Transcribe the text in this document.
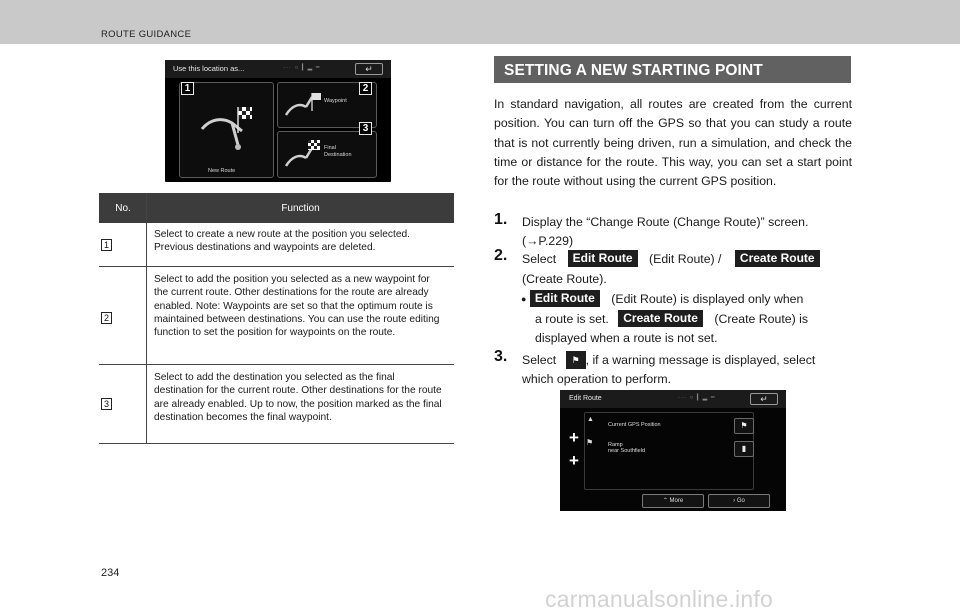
ROUTE GUIDANCE
Use this location as...	··· ○ ▎▂ ━	↵
New Route
Waypoint
Final
Destination
1	2
3
No.	Function
1
Select to create a new route at the position you selected. Previous destinations and waypoints are deleted.
2
Select to add the position you selected as a new waypoint for the current route. Other destinations for the route are already enabled. Note: Waypoints are set so that the optimum route is maintained between destinations. You can use the route editing function to set the position for waypoints on the route.
3
Select to add the destination you selected as the final destination for the current route. Other destinations for the route are already enabled. Up to now, the position marked as the final destination becomes the final waypoint.
SETTING A NEW STARTING POINT
In standard navigation, all routes are created from the current position. You can turn off the GPS so that you can study a route that is not currently being driven, run a simulation, and check the time or distance for the route. This way, you can set a start point for the route without using the current GPS position.
1. Display the “Change Route (Change Route)” screen.
(→P.229)
2. Select Edit Route (Edit Route) / Create Route
(Create Route).
● Edit Route (Edit Route) is displayed only when
a route is set. Create Route (Create Route) is
displayed when a route is not set.
3. Select ⚑ , if a warning message is displayed, select
which operation to perform.
Edit Route	··· ○ ▎▂ ━	↵
▲
Current GPS Position
⚑	Ramp
near Southfield
+
+
⚑
▮
⌃ More	› Go
234
carmanualsonline.info
